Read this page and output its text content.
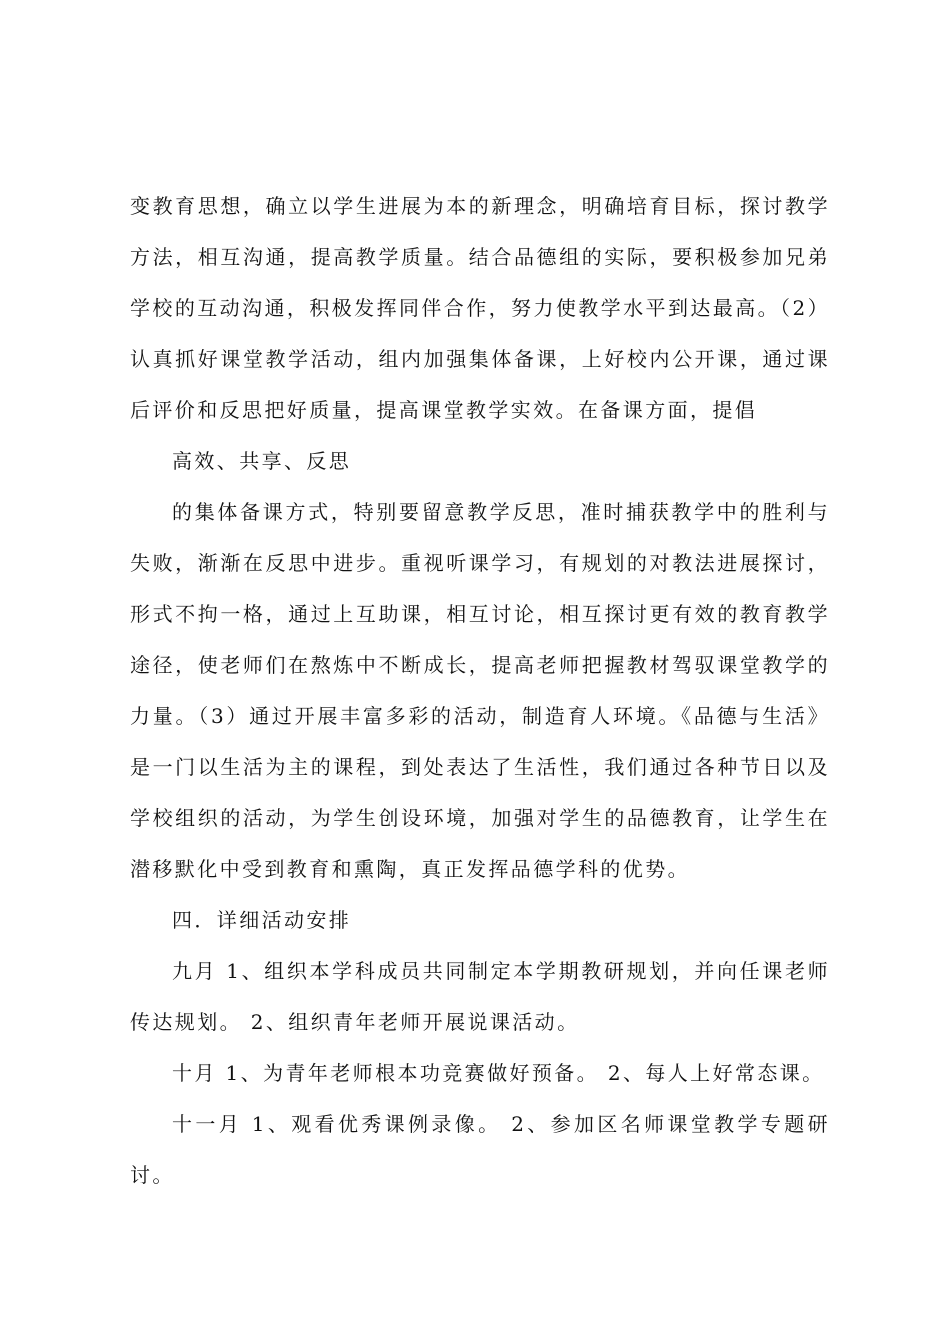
变教育思想，确立以学生进展为本的新理念，明确培育目标，探讨教学
方法，相互沟通，提高教学质量。结合品德组的实际，要积极参加兄弟
学校的互动沟通，积极发挥同伴合作，努力使教学水平到达最高。（2）
认真抓好课堂教学活动，组内加强集体备课，上好校内公开课，通过课
后评价和反思把好质量，提高课堂教学实效。在备课方面，提倡
高效、共享、反思
的集体备课方式，特别要留意教学反思，准时捕获教学中的胜利与
失败，渐渐在反思中进步。重视听课学习，有规划的对教法进展探讨，
形式不拘一格，通过上互助课，相互讨论，相互探讨更有效的教育教学
途径，使老师们在熬炼中不断成长，提高老师把握教材驾驭课堂教学的
力量。（3）通过开展丰富多彩的活动，制造育人环境。《品德与生活》
是一门以生活为主的课程，到处表达了生活性，我们通过各种节日以及
学校组织的活动，为学生创设环境，加强对学生的品德教育，让学生在
潜移默化中受到教育和熏陶，真正发挥品德学科的优势。
四．详细活动安排
九月 1、组织本学科成员共同制定本学期教研规划，并向任课老师
传达规划。 2、组织青年老师开展说课活动。
十月 1、为青年老师根本功竞赛做好预备。 2、每人上好常态课。
十一月 1、观看优秀课例录像。 2、参加区名师课堂教学专题研
讨。
